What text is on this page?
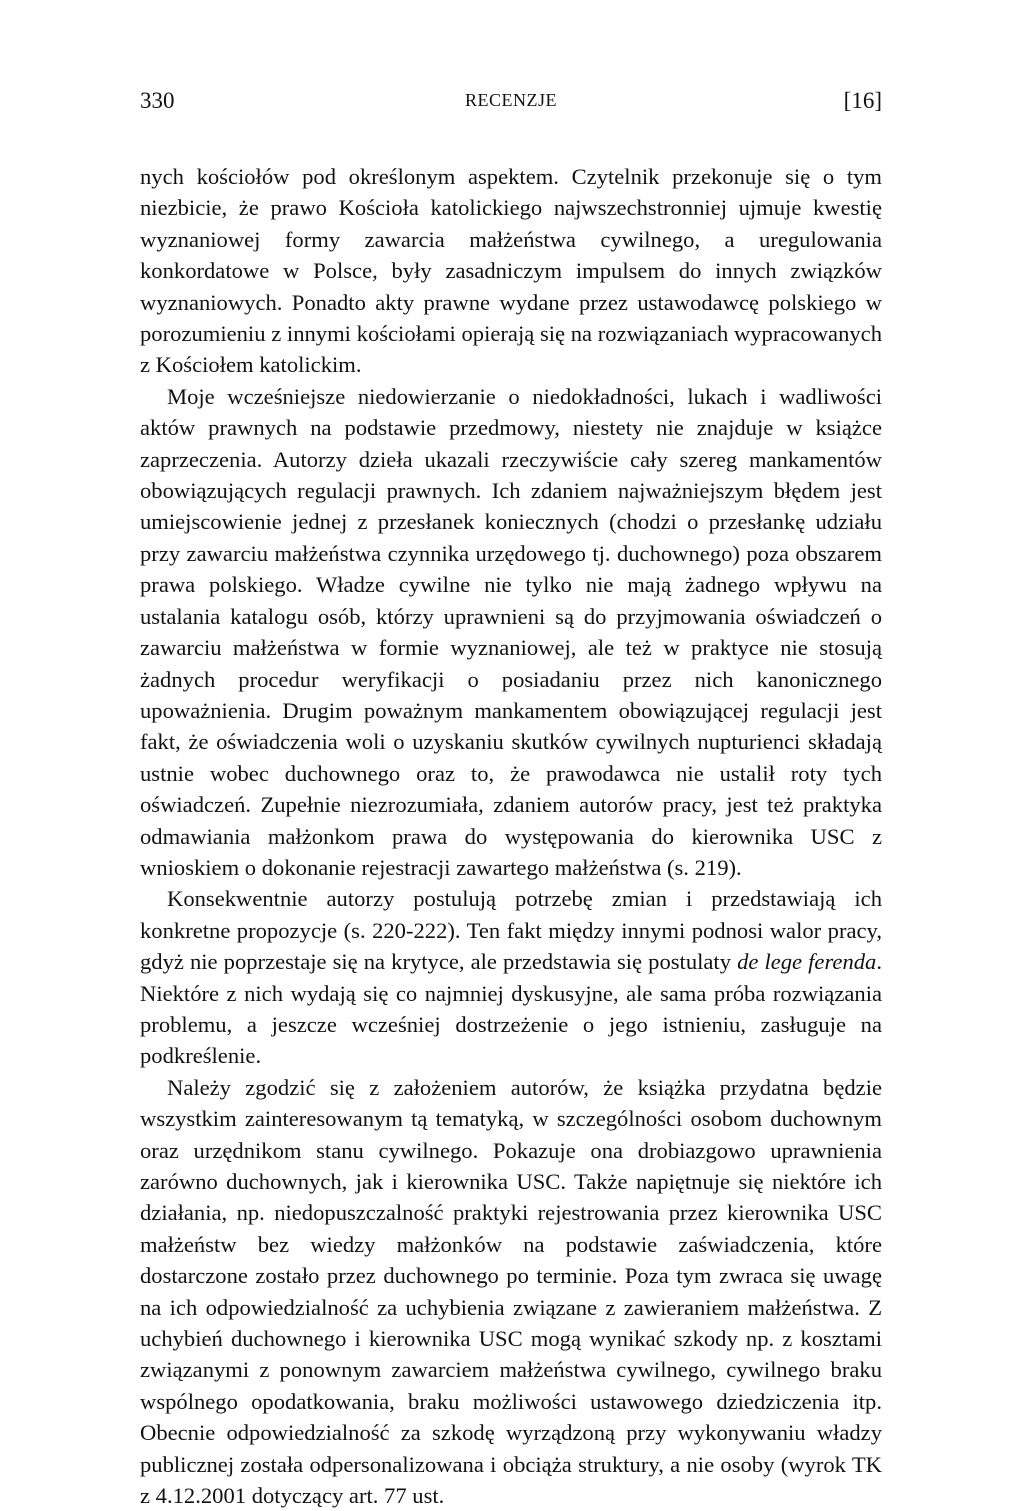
330	RECENZJE	[16]

nych kościołów pod określonym aspektem. Czytelnik przekonuje się o tym niezbicie, że prawo Kościoła katolickiego najwszechstronniej ujmuje kwestię wyznaniowej formy zawarcia małżeństwa cywilnego, a uregulowania konkordatowe w Polsce, były zasadniczym impulsem do innych związków wyznaniowych. Ponadto akty prawne wydane przez ustawodawcę polskiego w porozumieniu z innymi kościołami opierają się na rozwiązaniach wypracowanych z Kościołem katolickim.

Moje wcześniejsze niedowierzanie o niedokładności, lukach i wadliwości aktów prawnych na podstawie przedmowy, niestety nie znajduje w książce zaprzeczenia. Autorzy dzieła ukazali rzeczywiście cały szereg mankamentów obowiązujących regulacji prawnych. Ich zdaniem najważniejszym błędem jest umiejscowienie jednej z przesłanek koniecznych (chodzi o przesłankę udziału przy zawarciu małżeństwa czynnika urzędowego tj. duchownego) poza obszarem prawa polskiego. Władze cywilne nie tylko nie mają żadnego wpływu na ustalania katalogu osób, którzy uprawnieni są do przyjmowania oświadczeń o zawarciu małżeństwa w formie wyznaniowej, ale też w praktyce nie stosują żadnych procedur weryfikacji o posiadaniu przez nich kanonicznego upoważnienia. Drugim poważnym mankamentem obowiązującej regulacji jest fakt, że oświadczenia woli o uzyskaniu skutków cywilnych nupturienci składają ustnie wobec duchownego oraz to, że prawodawca nie ustalił roty tych oświadczeń. Zupełnie niezrozumiała, zdaniem autorów pracy, jest też praktyka odmawiania małżonkom prawa do występowania do kierownika USC z wnioskiem o dokonanie rejestracji zawartego małżeństwa (s. 219).

Konsekwentnie autorzy postulują potrzebę zmian i przedstawiają ich konkretne propozycje (s. 220-222). Ten fakt między innymi podnosi walor pracy, gdyż nie poprzestaje się na krytyce, ale przedstawia się postulaty de lege ferenda. Niektóre z nich wydają się co najmniej dyskusyjne, ale sama próba rozwiązania problemu, a jeszcze wcześniej dostrzeżenie o jego istnieniu, zasługuje na podkreślenie.

Należy zgodzić się z założeniem autorów, że książka przydatna będzie wszystkim zainteresowanym tą tematyką, w szczególności osobom duchownym oraz urzędnikom stanu cywilnego. Pokazuje ona drobiazgowo uprawnienia zarówno duchownych, jak i kierownika USC. Także napiętnuje się niektóre ich działania, np. niedopuszczalność praktyki rejestrowania przez kierownika USC małżeństw bez wiedzy małżonków na podstawie zaświadczenia, które dostarczone zostało przez duchownego po terminie. Poza tym zwraca się uwagę na ich odpowiedzialność za uchybienia związane z zawieraniem małżeństwa. Z uchybień duchownego i kierownika USC mogą wynikać szkody np. z kosztami związanymi z ponownym zawarciem małżeństwa cywilnego, cywilnego braku wspólnego opodatkowania, braku możliwości ustawowego dziedziczenia itp. Obecnie odpowiedzialność za szkodę wyrządzoną przy wykonywaniu władzy publicznej została odpersonalizowana i obciąża struktury, a nie osoby (wyrok TK z 4.12.2001 dotyczący art. 77 ust.
